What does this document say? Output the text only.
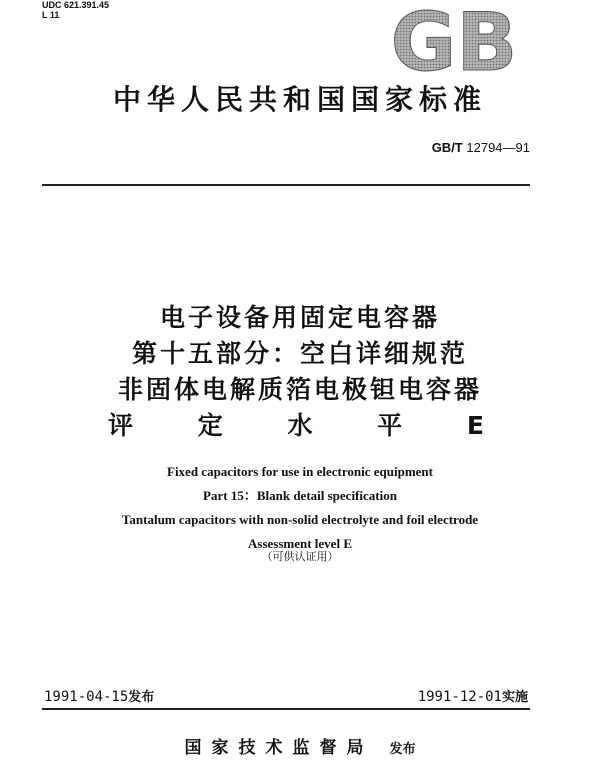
UDC 621.391.45
L 11	GB
中华人民共和国国家标准
GB/T 12794—91
电子设备用固定电容器
第十五部分：空白详细规范
非固体电解质箔电极钽电容器
评 定 水 平 E
Fixed capacitors for use in electronic equipment
Part 15：Blank detail specification
Tantalum capacitors with non-solid electrolyte and foil electrode
Assessment level E
（可供认证用）
1991-04-15发布	1991-12-01实施
国家技术监督局 发布
